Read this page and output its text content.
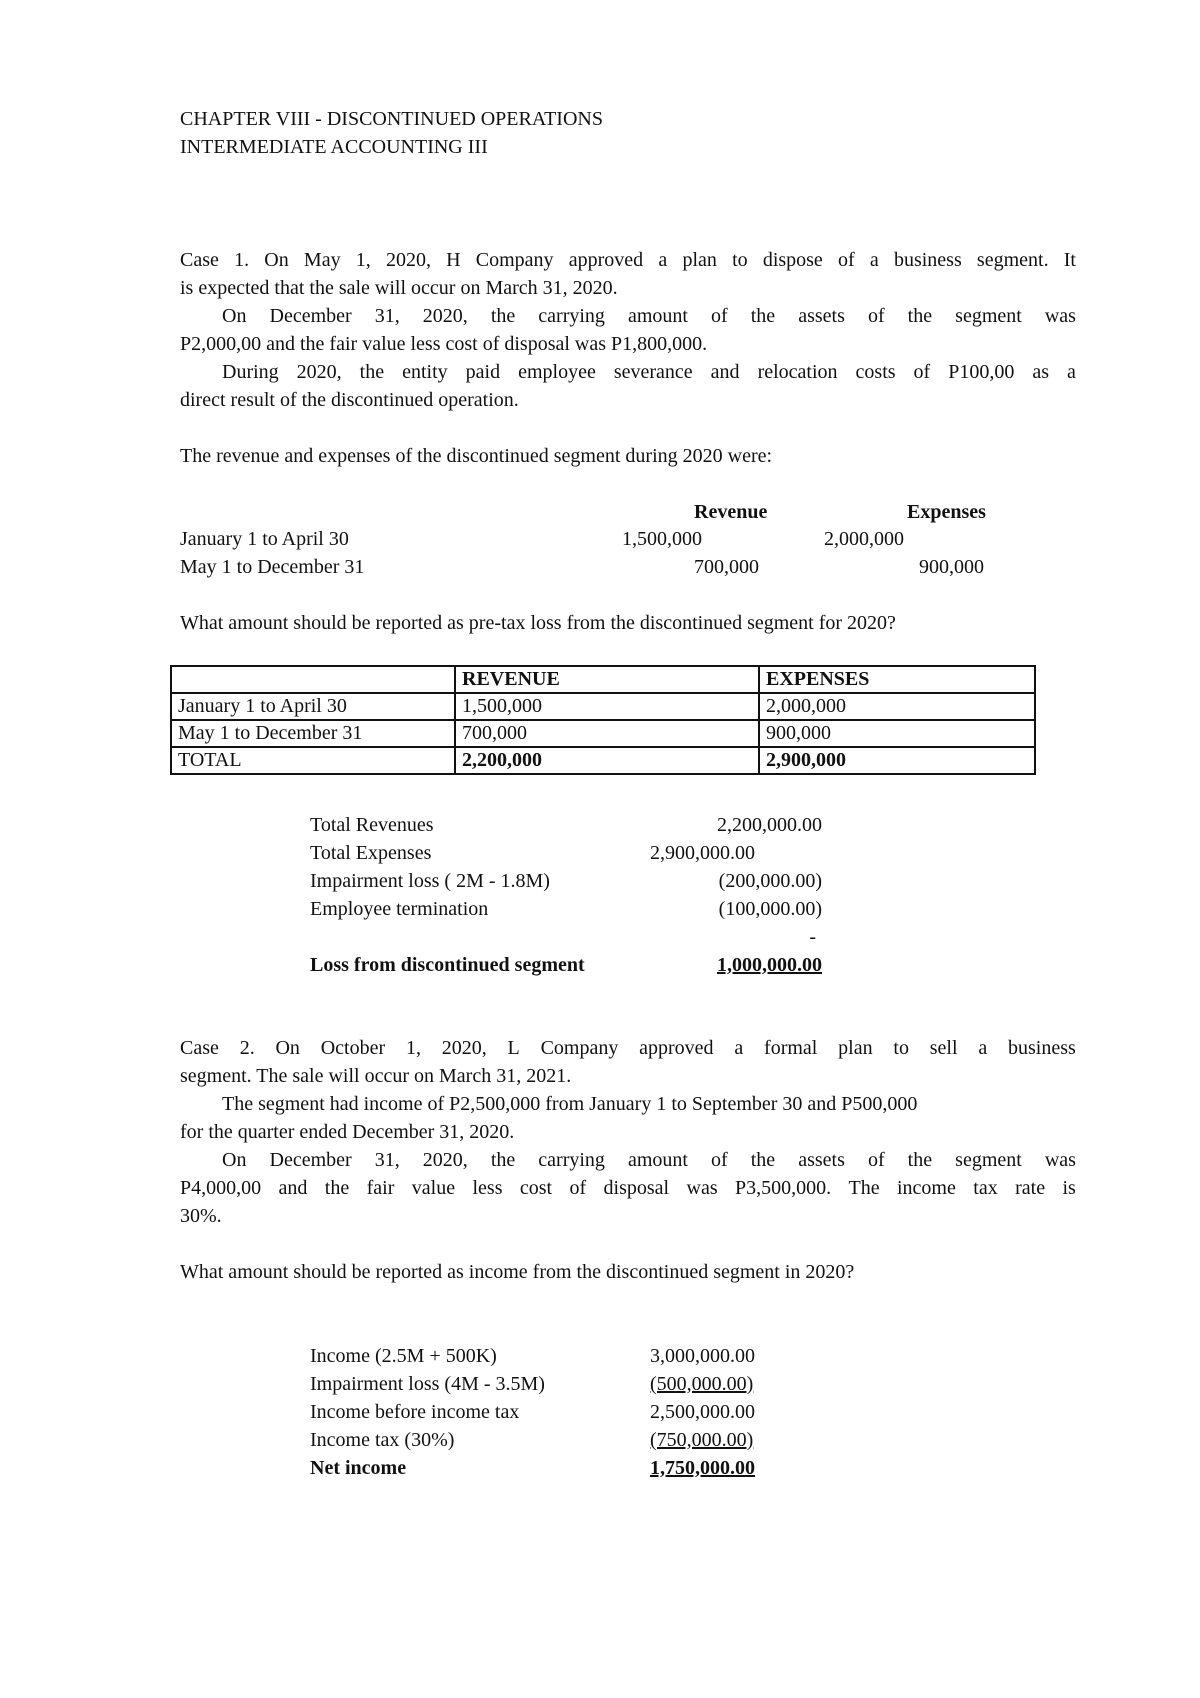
CHAPTER VIII - DISCONTINUED OPERATIONS
INTERMEDIATE ACCOUNTING III
Case 1. On May 1, 2020, H Company approved a plan to dispose of a business segment. It
is expected that the sale will occur on March 31, 2020.
On December 31, 2020, the carrying amount of the assets of the segment was
P2,000,00 and the fair value less cost of disposal was P1,800,000.
During 2020, the entity paid employee severance and relocation costs of P100,00 as a
direct result of the discontinued operation.
The revenue and expenses of the discontinued segment during 2020 were:
Revenue	Expenses
January 1 to April 30	1,500,000	2,000,000
May 1 to December 31	700,000	900,000
What amount should be reported as pre-tax loss from the discontinued segment for 2020?
	REVENUE	EXPENSES
January 1 to April 30	1,500,000	2,000,000
May 1 to December 31	700,000	900,000
TOTAL	2,200,000	2,900,000
Total Revenues	2,200,000.00
Total Expenses	2,900,000.00
Impairment loss ( 2M - 1.8M)	(200,000.00)
Employee termination	(100,000.00)
-
Loss from discontinued segment	1,000,000.00
Case 2. On October 1, 2020, L Company approved a formal plan to sell a business
segment. The sale will occur on March 31, 2021.
The segment had income of P2,500,000 from January 1 to September 30 and P500,000
for the quarter ended December 31, 2020.
On December 31, 2020, the carrying amount of the assets of the segment was
P4,000,00 and the fair value less cost of disposal was P3,500,000. The income tax rate is
30%.
What amount should be reported as income from the discontinued segment in 2020?
Income (2.5M + 500K)	3,000,000.00
Impairment loss (4M - 3.5M)	(500,000.00)
Income before income tax	2,500,000.00
Income tax (30%)	(750,000.00)
Net income	1,750,000.00
